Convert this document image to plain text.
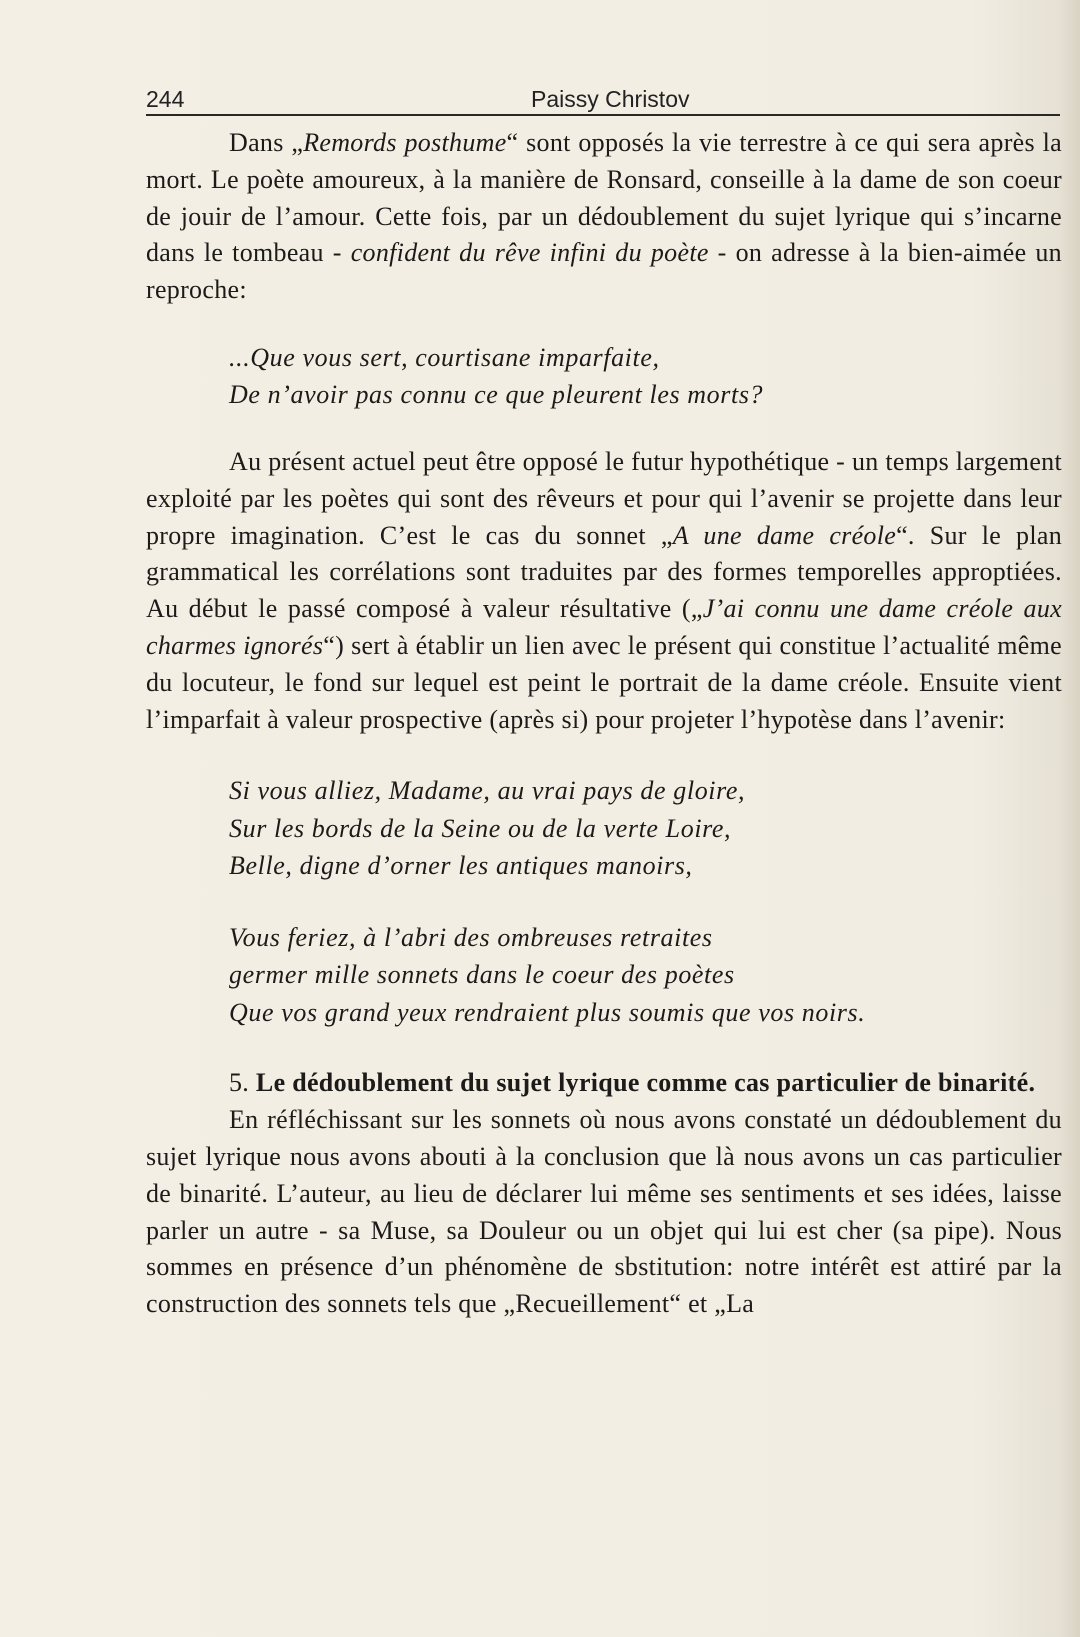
244	Paissy Christov

Dans „Remords posthume“ sont opposés la vie terrestre à ce qui sera après la mort. Le poète amoureux, à la manière de Ronsard, conseille à la dame de son coeur de jouir de l’amour. Cette fois, par un dédoublement du sujet lyrique qui s’incarne dans le tombeau - confident du rêve infini du poète - on adresse à la bien-aimée un reproche:

...Que vous sert, courtisane imparfaite,
De n’avoir pas connu ce que pleurent les morts?

Au présent actuel peut être opposé le futur hypothétique - un temps largement exploité par les poètes qui sont des rêveurs et pour qui l’avenir se projette dans leur propre imagination. C’est le cas du sonnet „A une dame créole“. Sur le plan grammatical les corrélations sont traduites par des formes temporelles approptiées. Au début le passé composé à valeur résultative („J’ai connu une dame créole aux charmes ignorés“) sert à établir un lien avec le présent qui constitue l’actualité même du locuteur, le fond sur lequel est peint le portrait de la dame créole. Ensuite vient l’imparfait à valeur prospective (après si) pour projeter l’hypotèse dans l’avenir:

Si vous alliez, Madame, au vrai pays de gloire,
Sur les bords de la Seine ou de la verte Loire,
Belle, digne d’orner les antiques manoirs,
Vous feriez, à l’abri des ombreuses retraites
germer mille sonnets dans le coeur des poètes
Que vos grand yeux rendraient plus soumis que vos noirs.

5. Le dédoublement du sujet lyrique comme cas particulier de binarité.

En réfléchissant sur les sonnets où nous avons constaté un dédoublement du sujet lyrique nous avons abouti à la conclusion que là nous avons un cas particulier de binarité. L’auteur, au lieu de déclarer lui même ses sentiments et ses idées, laisse parler un autre - sa Muse, sa Douleur ou un objet qui lui est cher (sa pipe). Nous sommes en présence d’un phénomène de sbstitution: notre intérêt est attiré par la construction des sonnets tels que „Recueillement“ et „La
